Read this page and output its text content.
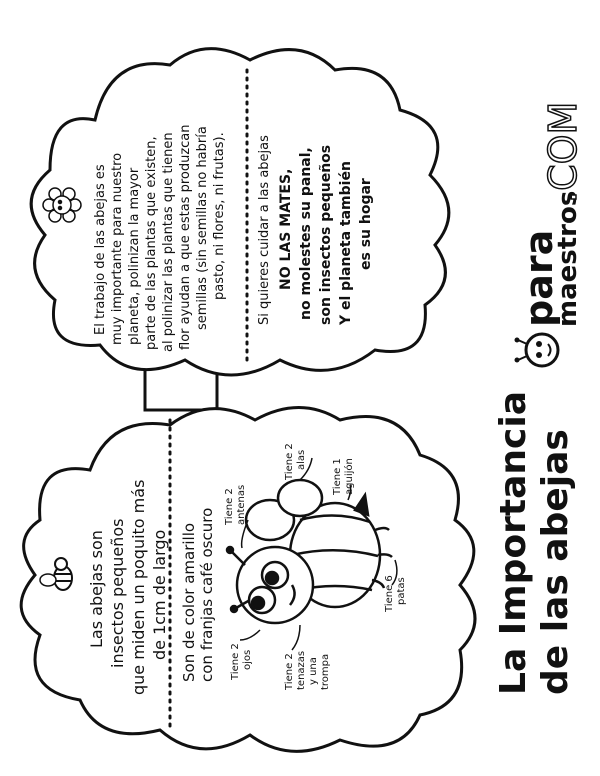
La Importancia de las abejas
para
maestros
.COM
Las abejas son insectos pequeños que miden un poquito más de 1cm de largo Son de color amarillo con franjas café oscuro
Tiene 2 antenas
Tiene 2 alas	Tiene 1 aguijón
Tiene 6 patas
Tiene 2 ojos	Tiene 2 tenazas y una trompa
El trabajo de las abejas es muy importante para nuestro planeta, polinizan la mayor parte de las plantas que existen, al polinizar las plantas que tienen flor ayudan a que estas produzcan semillas (sin semillas no habría pasto, ni flores, ni frutas). Si quieres cuidar a las abejas NO LAS MATES, no molestes su panal, son insectos pequeños Y el planeta también es su hogar
